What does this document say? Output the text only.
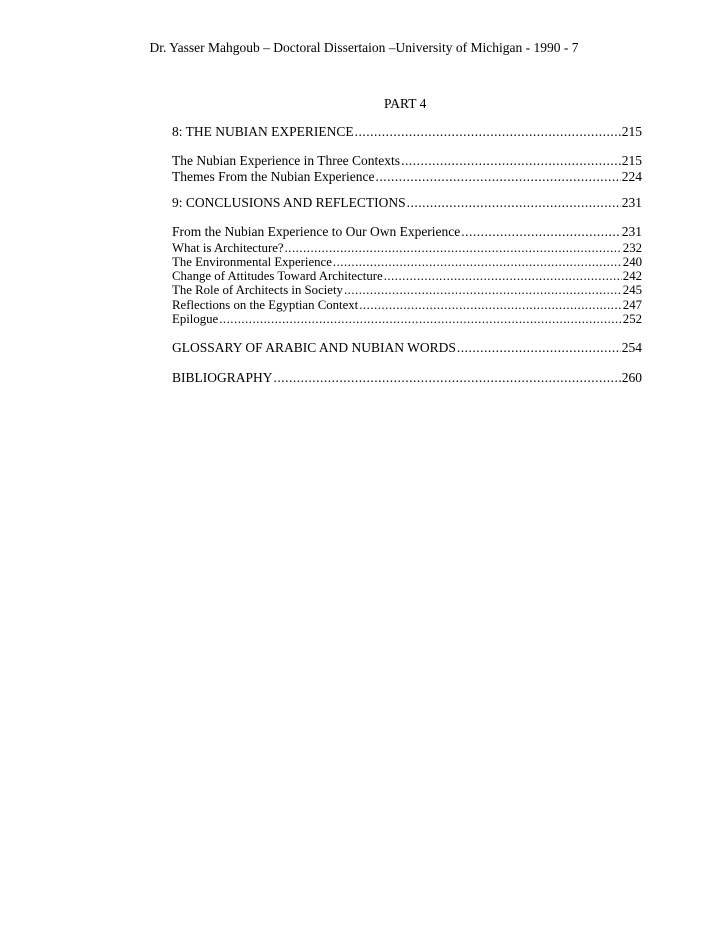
Dr. Yasser Mahgoub – Doctoral Dissertaion –University of Michigan - 1990 - 7
PART 4
8: THE NUBIAN EXPERIENCE .....	215
The Nubian Experience in Three Contexts .....	215
Themes From the Nubian Experience .....	224
9: CONCLUSIONS AND REFLECTIONS .....	231
From the Nubian Experience to Our Own Experience .....	231
What is Architecture? .....	232
The Environmental Experience .....	240
Change of Attitudes Toward Architecture .....	242
The Role of Architects in Society .....	245
Reflections on the Egyptian Context .....	247
Epilogue .....	252
GLOSSARY OF ARABIC AND NUBIAN WORDS .....	254
BIBLIOGRAPHY .....	260
